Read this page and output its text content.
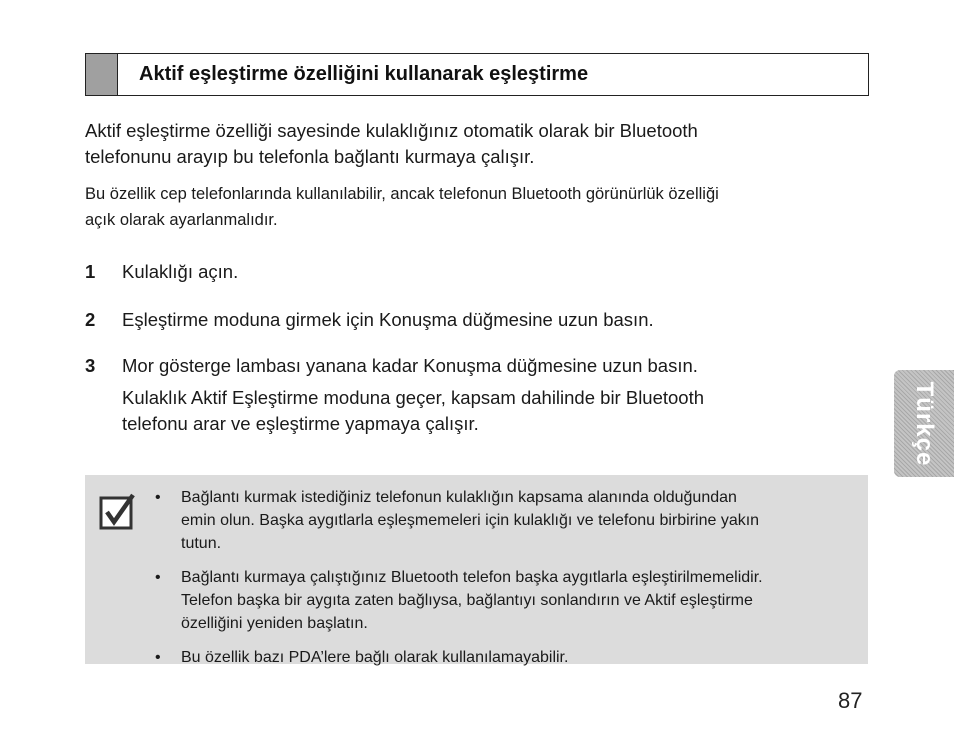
Aktif eşleştirme özelliğini kullanarak eşleştirme

Aktif eşleştirme özelliği sayesinde kulaklığınız otomatik olarak bir Bluetooth
telefonunu arayıp bu telefonla bağlantı kurmaya çalışır.

Bu özellik cep telefonlarında kullanılabilir, ancak telefonun Bluetooth görünürlük özelliği
açık olarak ayarlanmalıdır.

1 Kulaklığı açın.
2 Eşleştirme moduna girmek için Konuşma düğmesine uzun basın.
3 Mor gösterge lambası yanana kadar Konuşma düğmesine uzun basın.
Kulaklık Aktif Eşleştirme moduna geçer, kapsam dahilinde bir Bluetooth
telefonu arar ve eşleştirme yapmaya çalışır.
• Bağlantı kurmak istediğiniz telefonun kulaklığın kapsama alanında olduğundan
emin olun. Başka aygıtlarla eşleşmemeleri için kulaklığı ve telefonu birbirine yakın
tutun.
• Bağlantı kurmaya çalıştığınız Bluetooth telefon başka aygıtlarla eşleştirilmemelidir.
Telefon başka bir aygıta zaten bağlıysa, bağlantıyı sonlandırın ve Aktif eşleştirme
özelliğini yeniden başlatın.
• Bu özellik bazı PDA’lere bağlı olarak kullanılamayabilir.
Türkçe
87
